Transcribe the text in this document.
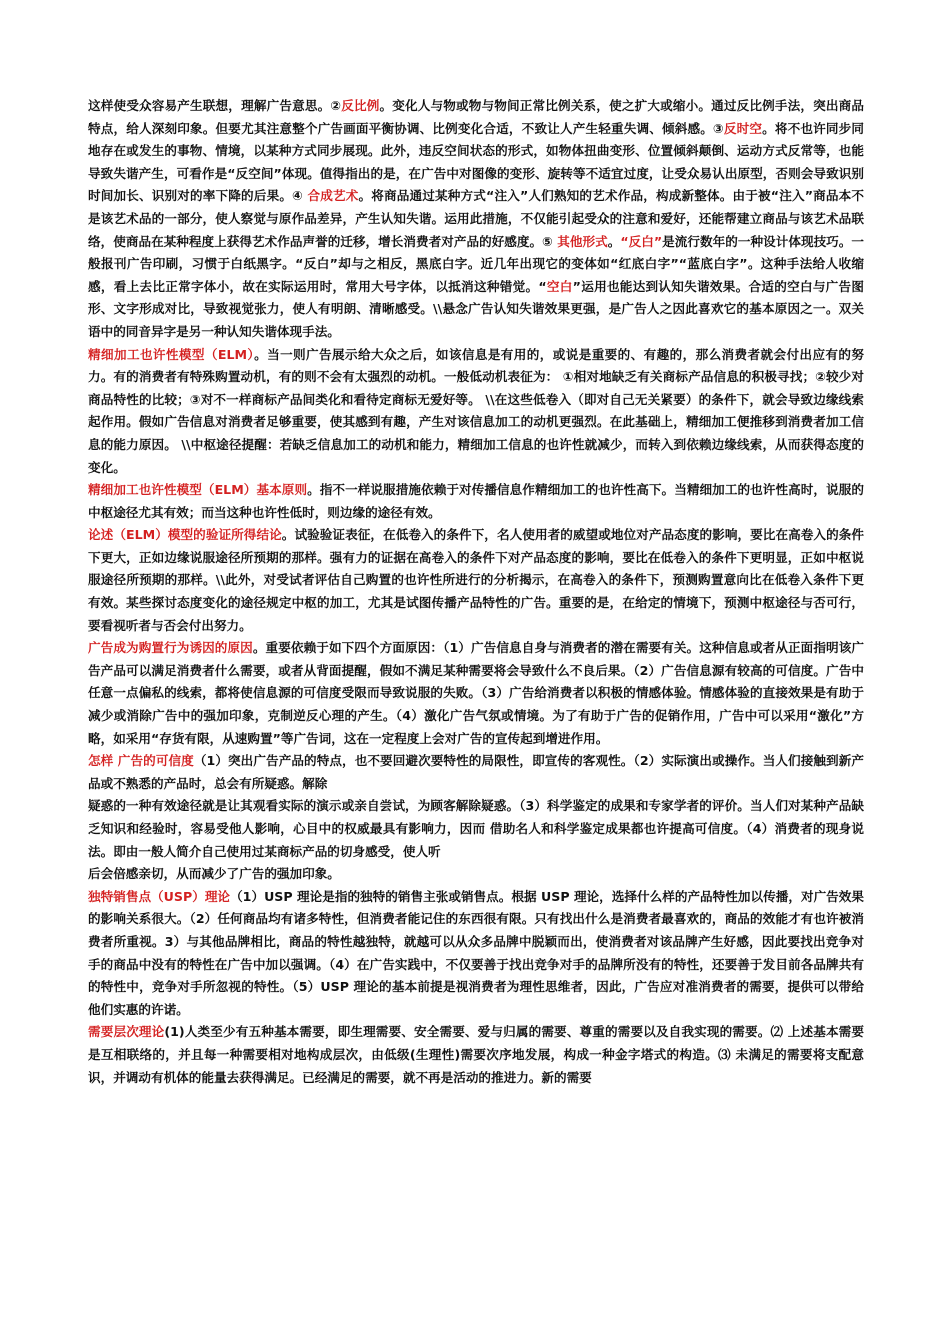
这样使受众容易产生联想，理解广告意思。②反比例。变化人与物或物与物间正常比例关系，使之扩大或缩小。通过反比例手法，突出商品特点，给人深刻印象。但要尤其注意整个广告画面平衡协调、比例变化合适，不致让人产生轻重失调、倾斜感。③反时空。将不也许同步同地存在或发生的事物、情境，以某种方式同步展现。此外，违反空间状态的形式，如物体扭曲变形、位置倾斜颠倒、运动方式反常等，也能导致失谐产生，可看作是“反空间”体现。值得指出的是，在广告中对图像的变形、旋转等不适宜过度，让受众易认出原型，否则会导致识别时间加长、识别对的率下降的后果。④ 合成艺术。将商品通过某种方式“注入”人们熟知的艺术作品，构成新整体。由于被“注入”商品本不是该艺术品的一部分，使人察觉与原作品差异，产生认知失谐。运用此措施，不仅能引起受众的注意和爱好，还能帮建立商品与该艺术品联络，使商品在某种程度上获得艺术作品声誉的迁移，增长消费者对产品的好感度。⑤ 其他形式。“反白”是流行数年的一种设计体现技巧。一般报刊广告印刷，习惯于白纸黑字。“反白”却与之相反，黑底白字。近几年出现它的变体如“红底白字”“蓝底白字”。这种手法给人收缩感，看上去比正常字体小，故在实际运用时，常用大号字体，以抵消这种错觉。“空白”运用也能达到认知失谐效果。合适的空白与广告图形、文字形成对比，导致视觉张力，使人有明朗、清晰感受。\\悬念广告认知失谐效果更强，是广告人之因此喜欢它的基本原因之一。双关语中的同音异字是另一种认知失谐体现手法。

精细加工也许性模型（ELM）。当一则广告展示给大众之后，如该信息是有用的，或说是重要的、有趣的，那么消费者就会付出应有的努力。有的消费者有特殊购置动机，有的则不会有太强烈的动机。一般低动机表征为： ①相对地缺乏有关商标产品信息的积极寻找；②较少对商品特性的比较；③对不一样商标产品间类化和看待定商标无爱好等。 \\在这些低卷入（即对自己无关紧要）的条件下，就会导致边缘线索起作用。假如广告信息对消费者足够重要，使其感到有趣，产生对该信息加工的动机更强烈。在此基础上，精细加工便推移到消费者加工信息的能力原因。 \\中枢途径提醒：若缺乏信息加工的动机和能力，精细加工信息的也许性就减少，而转入到依赖边缘线索，从而获得态度的变化。

精细加工也许性模型（ELM）基本原则。指不一样说服措施依赖于对传播信息作精细加工的也许性高下。当精细加工的也许性高时，说服的中枢途径尤其有效；而当这种也许性低时，则边缘的途径有效。

论述（ELM）模型的验证所得结论。试验验证表征，在低卷入的条件下，名人使用者的威望或地位对产品态度的影响，要比在高卷入的条件下更大，正如边缘说服途径所预期的那样。强有力的证据在高卷入的条件下对产品态度的影响，要比在低卷入的条件下更明显，正如中枢说服途径所预期的那样。\\此外，对受试者评估自己购置的也许性所进行的分析揭示，在高卷入的条件下，预测购置意向比在低卷入条件下更有效。某些探讨态度变化的途径规定中枢的加工，尤其是试图传播产品特性的广告。重要的是，在给定的情境下，预测中枢途径与否可行，要看视听者与否会付出努力。

广告成为购置行为诱因的原因。重要依赖于如下四个方面原因：（1）广告信息自身与消费者的潜在需要有关。这种信息或者从正面指明该广告产品可以满足消费者什么需要，或者从背面提醒，假如不满足某种需要将会导致什么不良后果。（2）广告信息源有较高的可信度。广告中任意一点偏私的线索，都将使信息源的可信度受限而导致说服的失败。（3）广告给消费者以积极的情感体验。情感体验的直接效果是有助于减少或消除广告中的强加印象，克制逆反心理的产生。（4）激化广告气氛或情境。为了有助于广告的促销作用，广告中可以采用“激化”方略，如采用“存货有限，从速购置”等广告词，这在一定程度上会对广告的宣传起到增进作用。

怎样 广告的可信度（1）突出广告产品的特点，也不要回避次要特性的局限性，即宣传的客观性。（2）实际演出或操作。当人们接触到新产品或不熟悉的产品时，总会有所疑惑。解除

疑惑的一种有效途径就是让其观看实际的演示或亲自尝试，为顾客解除疑惑。（3）科学鉴定的成果和专家学者的评价。当人们对某种产品缺乏知识和经验时，容易受他人影响，心目中的权威最具有影响力，因而 借助名人和科学鉴定成果都也许提高可信度。（4）消费者的现身说法。即由一般人简介自己使用过某商标产品的切身感受，使人听

后会倍感亲切，从而减少了广告的强加印象。

独特销售点（USP）理论（1）USP 理论是指的独特的销售主张或销售点。根据 USP 理论，选择什么样的产品特性加以传播，对广告效果的影响关系很大。（2）任何商品均有诸多特性，但消费者能记住的东西很有限。只有找出什么是消费者最喜欢的，商品的效能才有也许被消费者所重视。3）与其他品牌相比，商品的特性越独特，就越可以从众多品牌中脱颖而出，使消费者对该品牌产生好感，因此要找出竞争对手的商品中没有的特性在广告中加以强调。（4）在广告实践中，不仅要善于找出竞争对手的品牌所没有的特性，还要善于发目前各品牌共有的特性中，竞争对手所忽视的特性。（5）USP 理论的基本前提是视消费者为理性思维者，因此，广告应对准消费者的需要，提供可以带给他们实惠的许诺。

需要层次理论(1)人类至少有五种基本需要，即生理需要、安全需要、爱与归属的需要、尊重的需要以及自我实现的需要。⑵ 上述基本需要是互相联络的，并且每一种需要相对地构成层次，由低级(生理性)需要次序地发展，构成一种金字塔式的构造。⑶ 未满足的需要将支配意识，并调动有机体的能量去获得满足。已经满足的需要，就不再是活动的推进力。新的需要
